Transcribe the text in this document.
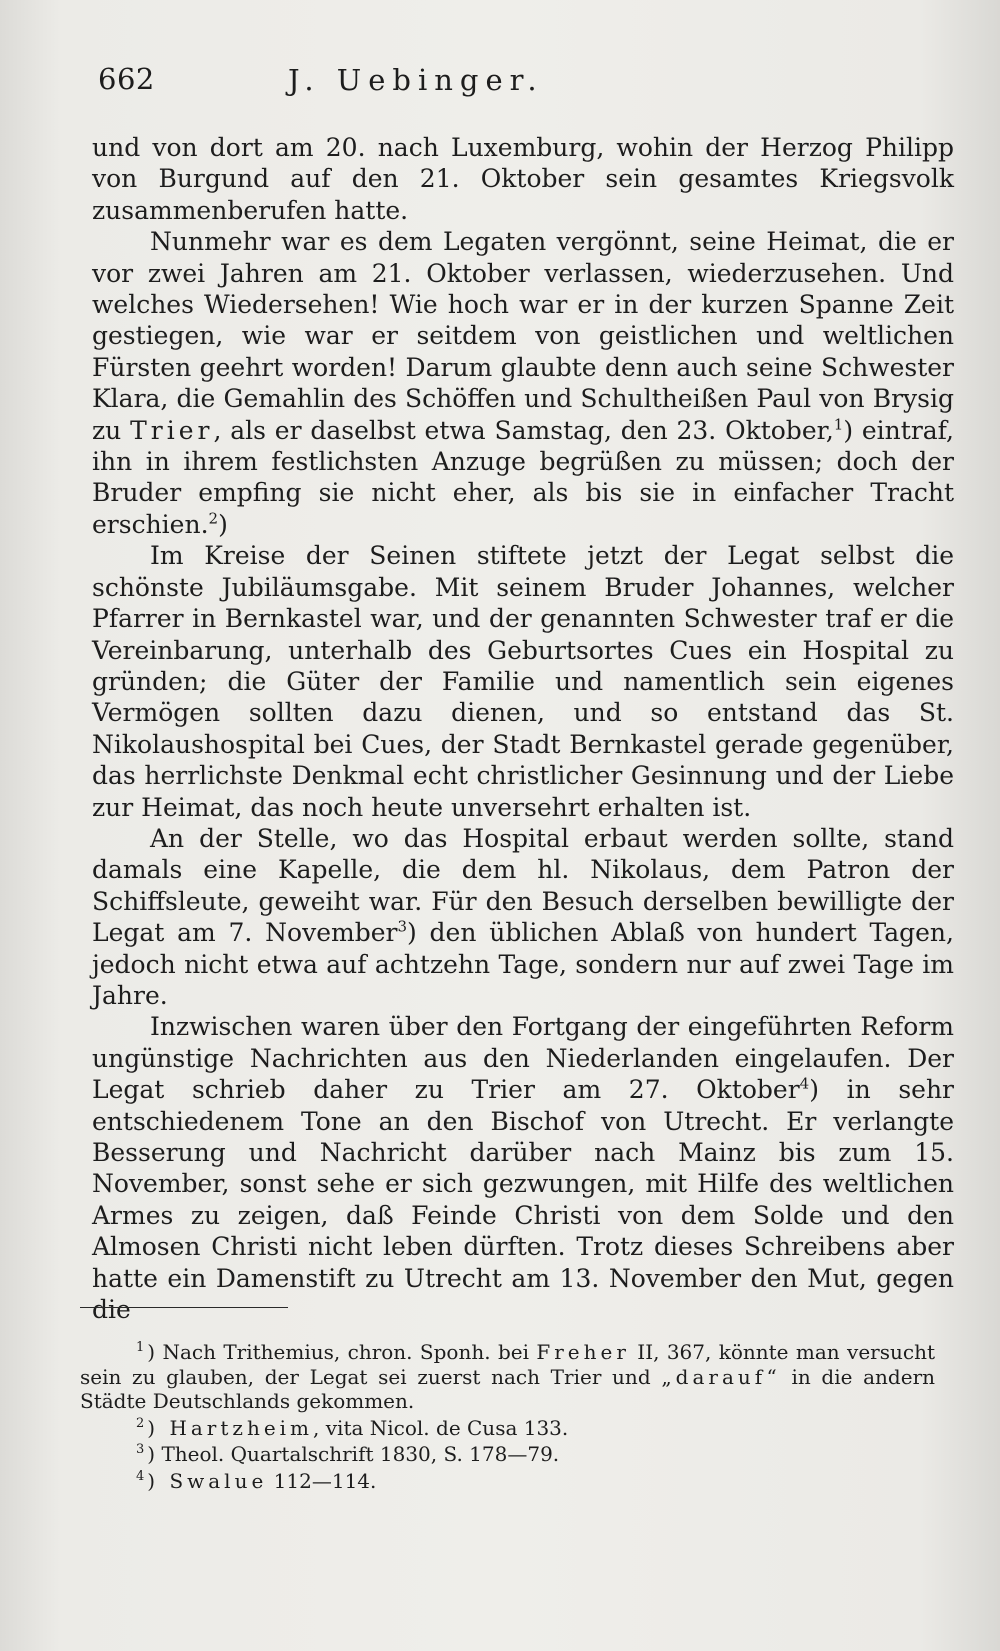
662	J. Uebinger.

und von dort am 20. nach Luxemburg, wohin der Herzog Philipp von Burgund auf den 21. Oktober sein gesamtes Kriegsvolk zusammenberufen hatte.

Nunmehr war es dem Legaten vergönnt, seine Heimat, die er vor zwei Jahren am 21. Oktober verlassen, wiederzusehen. Und welches Wiedersehen! Wie hoch war er in der kurzen Spanne Zeit gestiegen, wie war er seitdem von geistlichen und weltlichen Fürsten geehrt worden! Darum glaubte denn auch seine Schwester Klara, die Gemahlin des Schöffen und Schultheißen Paul von Brysig zu Trier, als er daselbst etwa Samstag, den 23. Oktober,$^1$) eintraf, ihn in ihrem festlichsten Anzuge begrüßen zu müssen; doch der Bruder empfing sie nicht eher, als bis sie in einfacher Tracht erschien.$^2$)

Im Kreise der Seinen stiftete jetzt der Legat selbst die schönste Jubiläumsgabe. Mit seinem Bruder Johannes, welcher Pfarrer in Bernkastel war, und der genannten Schwester traf er die Vereinbarung, unterhalb des Geburtsortes Cues ein Hospital zu gründen; die Güter der Familie und namentlich sein eigenes Vermögen sollten dazu dienen, und so entstand das St. Nikolaushospital bei Cues, der Stadt Bernkastel gerade gegenüber, das herrlichste Denkmal echt christlicher Gesinnung und der Liebe zur Heimat, das noch heute unversehrt erhalten ist.

An der Stelle, wo das Hospital erbaut werden sollte, stand damals eine Kapelle, die dem hl. Nikolaus, dem Patron der Schiffsleute, geweiht war. Für den Besuch derselben bewilligte der Legat am 7. November$^3$) den üblichen Ablaß von hundert Tagen, jedoch nicht etwa auf achtzehn Tage, sondern nur auf zwei Tage im Jahre.

Inzwischen waren über den Fortgang der eingeführten Reform ungünstige Nachrichten aus den Niederlanden eingelaufen. Der Legat schrieb daher zu Trier am 27. Oktober$^4$) in sehr entschiedenem Tone an den Bischof von Utrecht. Er verlangte Besserung und Nachricht darüber nach Mainz bis zum 15. November, sonst sehe er sich gezwungen, mit Hilfe des weltlichen Armes zu zeigen, daß Feinde Christi von dem Solde und den Almosen Christi nicht leben dürften. Trotz dieses Schreibens aber hatte ein Damenstift zu Utrecht am 13. November den Mut, gegen die

$^1$ ) Nach Trithemius, chron. Sponh. bei Freher II, 367, könnte man versucht sein zu glauben, der Legat sei zuerst nach Trier und „darauf“ in die andern Städte Deutschlands gekommen.

$^2$ ) Hartzheim, vita Nicol. de Cusa 133.

$^3$ ) Theol. Quartalschrift 1830, S. 178—79.

$^4$ ) Swalue 112—114.
